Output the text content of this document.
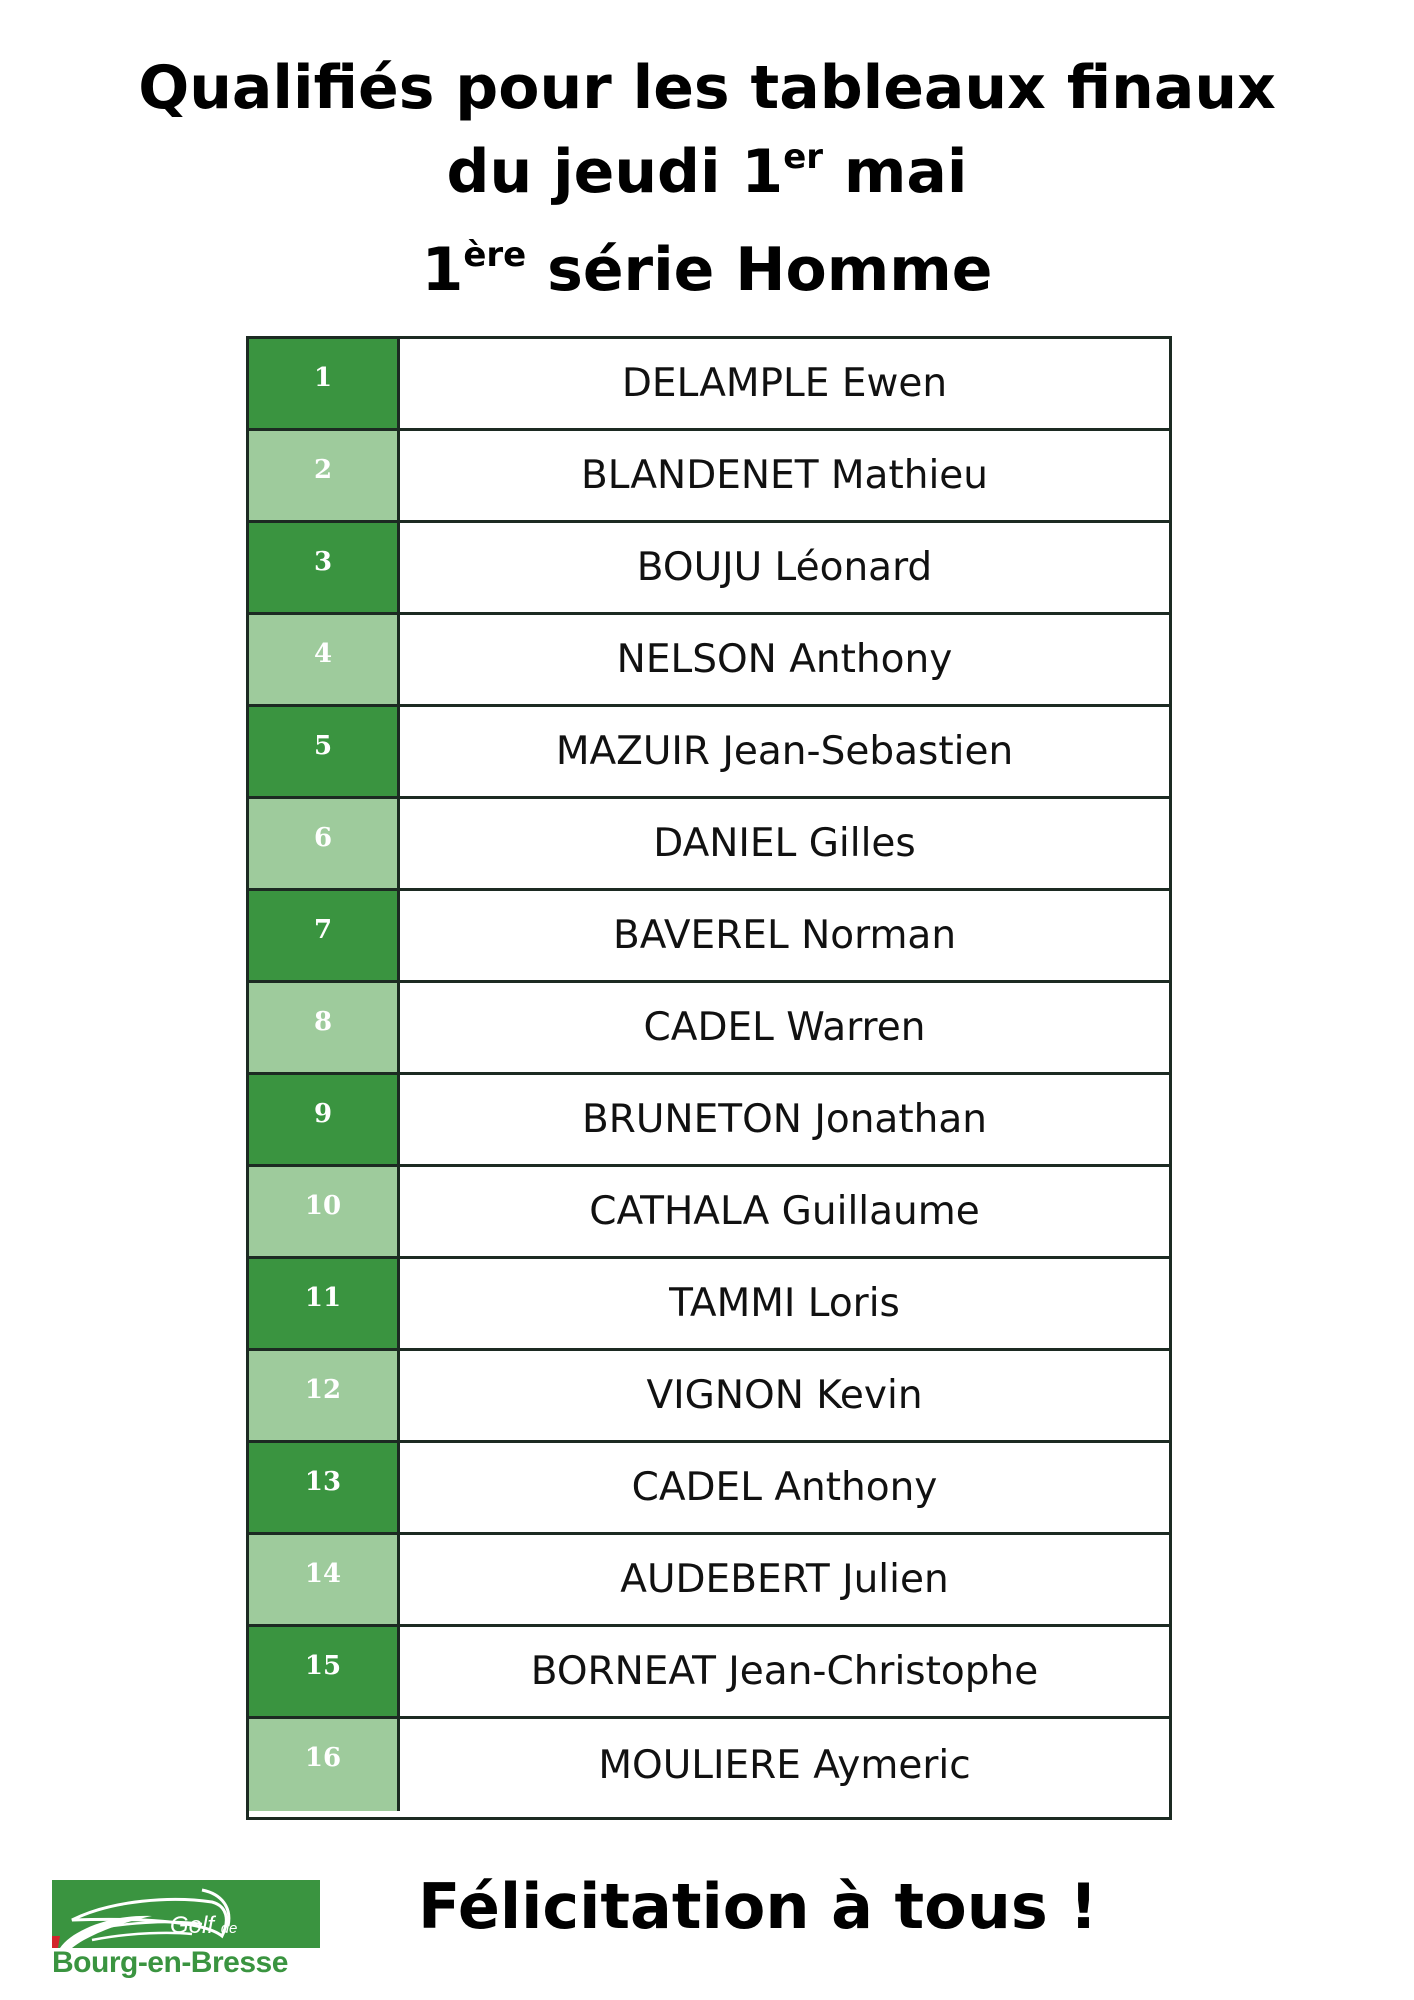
Qualifiés pour les tableaux finaux
du jeudi 1er mai
1ère série Homme
1	DELAMPLE Ewen
2	BLANDENET Mathieu
3	BOUJU Léonard
4	NELSON Anthony
5	MAZUIR Jean-Sebastien
6	DANIEL Gilles
7	BAVEREL Norman
8	CADEL Warren
9	BRUNETON Jonathan
10	CATHALA Guillaume
11	TAMMI Loris
12	VIGNON Kevin
13	CADEL Anthony
14	AUDEBERT Julien
15	BORNEAT Jean-Christophe
16	MOULIERE Aymeric
Golf de
Bourg-en-Bresse
Félicitation à tous !
